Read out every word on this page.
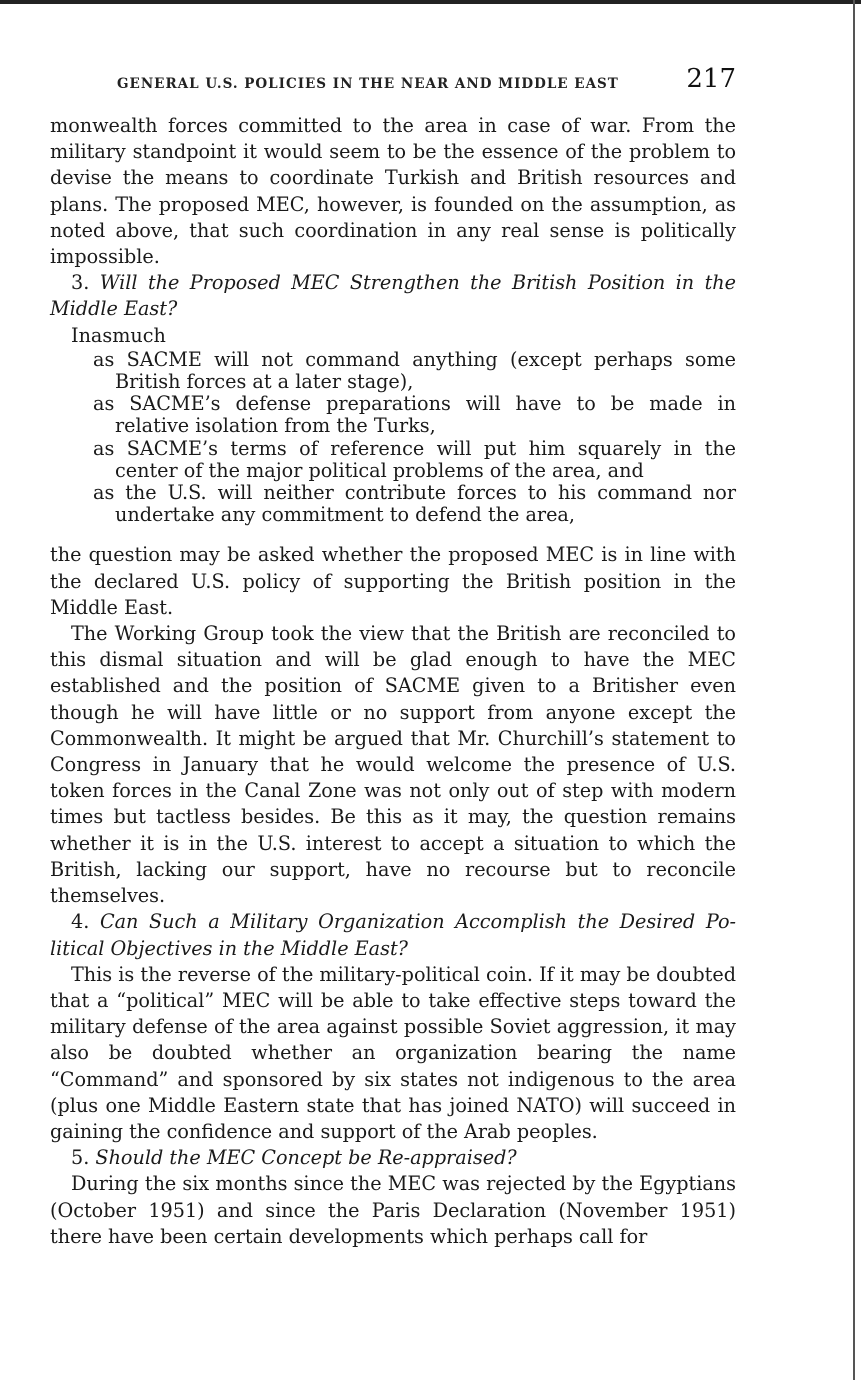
GENERAL U.S. POLICIES IN THE NEAR AND MIDDLE EAST	217

monwealth forces committed to the area in case of war. From the military standpoint it would seem to be the essence of the problem to devise the means to coordinate Turkish and British resources and plans. The proposed MEC, however, is founded on the assumption, as noted above, that such coordination in any real sense is politically impossible.

3. Will the Proposed MEC Strengthen the British Position in the Middle East?

Inasmuch

as SACME will not command anything (except perhaps some British forces at a later stage),
as SACME’s defense preparations will have to be made in relative isolation from the Turks,
as SACME’s terms of reference will put him squarely in the center of the major political problems of the area, and
as the U.S. will neither contribute forces to his command nor undertake any commitment to defend the area,

the question may be asked whether the proposed MEC is in line with the declared U.S. policy of supporting the British position in the Middle East.

The Working Group took the view that the British are reconciled to this dismal situation and will be glad enough to have the MEC established and the position of SACME given to a Britisher even though he will have little or no support from anyone except the Commonwealth. It might be argued that Mr. Churchill’s statement to Congress in January that he would welcome the presence of U.S. token forces in the Canal Zone was not only out of step with modern times but tactless besides. Be this as it may, the question remains whether it is in the U.S. interest to accept a situation to which the British, lacking our support, have no recourse but to reconcile themselves.

4. Can Such a Military Organization Accomplish the Desired Political Objectives in the Middle East?

This is the reverse of the military-political coin. If it may be doubted that a “political” MEC will be able to take effective steps toward the military defense of the area against possible Soviet aggression, it may also be doubted whether an organization bearing the name “Command” and sponsored by six states not indigenous to the area (plus one Middle Eastern state that has joined NATO) will succeed in gaining the confidence and support of the Arab peoples.

5. Should the MEC Concept be Re-appraised?

During the six months since the MEC was rejected by the Egyptians (October 1951) and since the Paris Declaration (November 1951) there have been certain developments which perhaps call for
